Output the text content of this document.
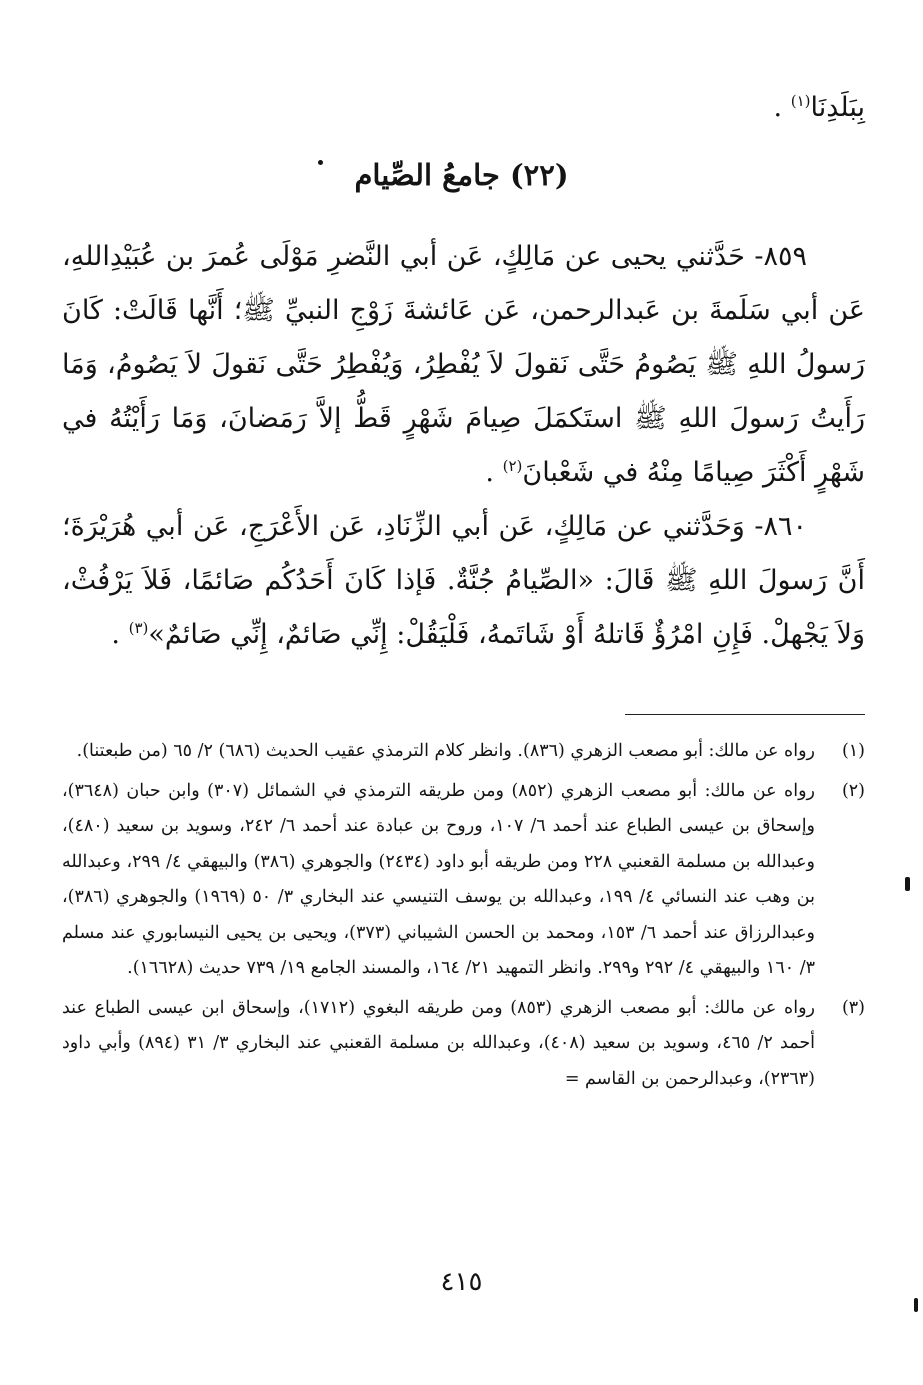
بِبَلَدِنَا$^{(١)}$ .
(٢٢) جامعُ الصِّيام

٨٥٩- حَدَّثني يحيى عن مَالِكٍ، عَن أبي النَّضرِ مَوْلَى عُمرَ بن عُبَيْدِاللهِ، عَن أبي سَلَمةَ بن عَبدالرحمن، عَن عَائشةَ زَوْجِ النبيِّ ﷺ؛ أَنَّها قَالَتْ: كَانَ رَسولُ اللهِ ﷺ يَصُومُ حَتَّى نَقولَ لاَ يُفْطِرُ، وَيُفْطِرُ حَتَّى نَقولَ لاَ يَصُومُ، وَمَا رَأَيتُ رَسولَ اللهِ ﷺ استَكمَلَ صِيامَ شَهْرٍ قَطُّ إلاَّ رَمَضانَ، وَمَا رَأَيْتُهُ في شَهْرٍ أَكْثَرَ صِيامًا مِنْهُ في شَعْبانَ$^{(٢)}$ .

٨٦٠- وَحَدَّثني عن مَالِكٍ، عَن أبي الزِّنَادِ، عَن الأَعْرَجِ، عَن أبي هُرَيْرَةَ؛ أَنَّ رَسولَ اللهِ ﷺ قَالَ: «الصِّيامُ جُنَّةٌ. فَإذا كَانَ أَحَدُكُم صَائمًا، فَلاَ يَرْفُثْ، وَلاَ يَجْهلْ. فَإِنِ امْرُؤٌ قَاتلهُ أَوْ شَاتَمهُ، فَلْيَقُلْ: إِنِّي صَائمٌ، إِنِّي صَائمٌ»$^{(٣)}$ .

(١)
رواه عن مالك: أبو مصعب الزهري (٨٣٦). وانظر كلام الترمذي عقيب الحديث (٦٨٦) ٢/ ٦٥ (من طبعتنا).
(٢)
رواه عن مالك: أبو مصعب الزهري (٨٥٢) ومن طريقه الترمذي في الشمائل (٣٠٧) وابن حبان (٣٦٤٨)، وإسحاق بن عيسى الطباع عند أحمد ٦/ ١٠٧، وروح بن عبادة عند أحمد ٦/ ٢٤٢، وسويد بن سعيد (٤٨٠)، وعبدالله بن مسلمة القعنبي ٢٢٨ ومن طريقه أبو داود (٢٤٣٤) والجوهري (٣٨٦) والبيهقي ٤/ ٢٩٩، وعبدالله بن وهب عند النسائي ٤/ ١٩٩، وعبدالله بن يوسف التنيسي عند البخاري ٣/ ٥٠ (١٩٦٩) والجوهري (٣٨٦)، وعبدالرزاق عند أحمد ٦/ ١٥٣، ومحمد بن الحسن الشيباني (٣٧٣)، ويحيى بن يحيى النيسابوري عند مسلم ٣/ ١٦٠ والبيهقي ٤/ ٢٩٢ و٢٩٩. وانظر التمهيد ٢١/ ١٦٤، والمسند الجامع ١٩/ ٧٣٩ حديث (١٦٦٢٨).
(٣)
رواه عن مالك: أبو مصعب الزهري (٨٥٣) ومن طريقه البغوي (١٧١٢)، وإسحاق ابن عيسى الطباع عند أحمد ٢/ ٤٦٥، وسويد بن سعيد (٤٠٨)، وعبدالله بن مسلمة القعنبي عند البخاري ٣/ ٣١ (٨٩٤) وأبي داود (٢٣٦٣)، وعبدالرحمن بن القاسم =
٤١٥
